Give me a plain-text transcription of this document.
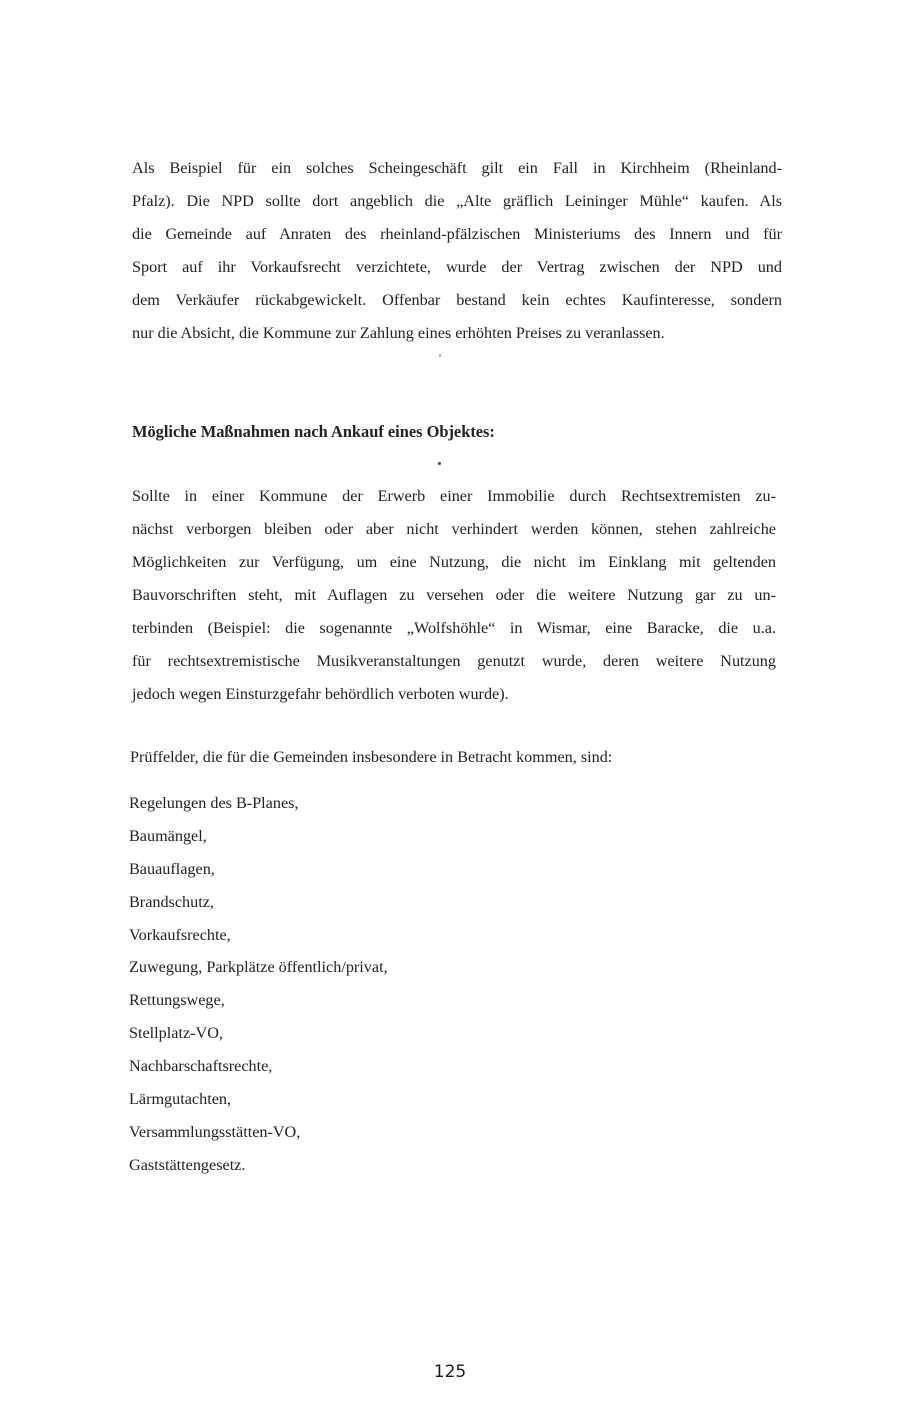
Als Beispiel für ein solches Scheingeschäft gilt ein Fall in Kirchheim (Rheinland-
Pfalz). Die NPD sollte dort angeblich die „Alte gräflich Leininger Mühle“ kaufen. Als
die Gemeinde auf Anraten des rheinland-pfälzischen Ministeriums des Innern und für
Sport auf ihr Vorkaufsrecht verzichtete, wurde der Vertrag zwischen der NPD und
dem Verkäufer rückabgewickelt. Offenbar bestand kein echtes Kaufinteresse, sondern
nur die Absicht, die Kommune zur Zahlung eines erhöhten Preises zu veranlassen.
Mögliche Maßnahmen nach Ankauf eines Objektes:
Sollte in einer Kommune der Erwerb einer Immobilie durch Rechtsextremisten zu-
nächst verborgen bleiben oder aber nicht verhindert werden können, stehen zahlreiche
Möglichkeiten zur Verfügung, um eine Nutzung, die nicht im Einklang mit geltenden
Bauvorschriften steht, mit Auflagen zu versehen oder die weitere Nutzung gar zu un-
terbinden (Beispiel: die sogenannte „Wolfshöhle“ in Wismar, eine Baracke, die u.a.
für rechtsextremistische Musikveranstaltungen genutzt wurde, deren weitere Nutzung
jedoch wegen Einsturzgefahr behördlich verboten wurde).
Prüffelder, die für die Gemeinden insbesondere in Betracht kommen, sind:
Regelungen des B-Planes,
Baumängel,
Bauauflagen,
Brandschutz,
Vorkaufsrechte,
Zuwegung, Parkplätze öffentlich/privat,
Rettungswege,
Stellplatz-VO,
Nachbarschaftsrechte,
Lärmgutachten,
Versammlungsstätten-VO,
Gaststättengesetz.
125
